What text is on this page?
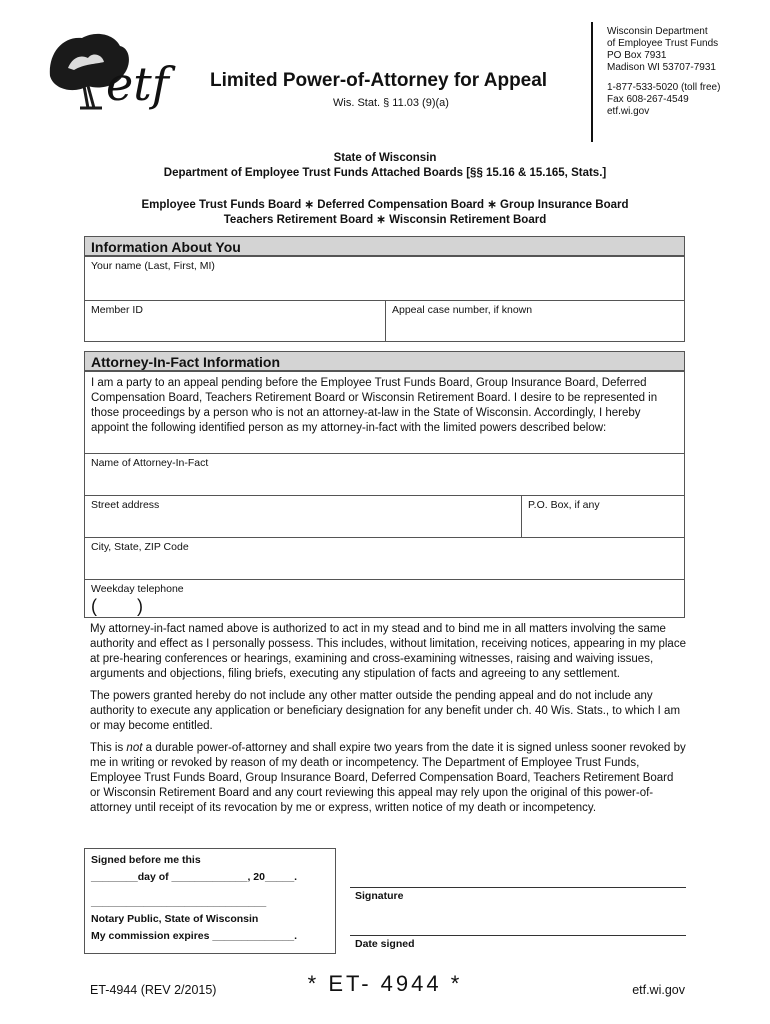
etf	Limited Power-of-Attorney for Appeal
Wis. Stat. § 11.03 (9)(a)
Wisconsin Department
of Employee Trust Funds
PO Box 7931
Madison WI 53707-7931
1-877-533-5020 (toll free)
Fax 608-267-4549
etf.wi.gov
State of Wisconsin
Department of Employee Trust Funds Attached Boards [§§ 15.16 & 15.165, Stats.]
Employee Trust Funds Board ∗ Deferred Compensation Board ∗ Group Insurance Board
Teachers Retirement Board ∗ Wisconsin Retirement Board
Information About You
Your name (Last, First, MI)
Member ID	Appeal case number, if known
Attorney-In-Fact Information
I am a party to an appeal pending before the Employee Trust Funds Board, Group Insurance Board, Deferred Compensation Board, Teachers Retirement Board or Wisconsin Retirement Board. I desire to be represented in those proceedings by a person who is not an attorney-at-law in the State of Wisconsin. Accordingly, I hereby appoint the following identified person as my attorney-in-fact with the limited powers described below:
Name of Attorney-In-Fact
Street address	P.O. Box, if any
City, State, ZIP Code
Weekday telephone
(        )

My attorney-in-fact named above is authorized to act in my stead and to bind me in all matters involving the same authority and effect as I personally possess. This includes, without limitation, receiving notices, appearing in my place at pre-hearing conferences or hearings, examining and cross-examining witnesses, raising and waiving issues, arguments and objections, filing briefs, executing any stipulation of facts and agreeing to any settlement.

The powers granted hereby do not include any other matter outside the pending appeal and do not include any authority to execute any application or beneficiary designation for any benefit under ch. 40 Wis. Stats., to which I am or may become entitled.

This is not a durable power-of-attorney and shall expire two years from the date it is signed unless sooner revoked by me in writing or revoked by reason of my death or incompetency. The Department of Employee Trust Funds, Employee Trust Funds Board, Group Insurance Board, Deferred Compensation Board, Teachers Retirement Board or Wisconsin Retirement Board and any court reviewing this appeal may rely upon the original of this power-of-attorney until receipt of its revocation by me or express, written notice of my death or incompetency.

Signed before me this
________day of _____________, 20_____.
______________________________
Notary Public, State of Wisconsin
My commission expires ______________.
Signature
Date signed
ET-4944 (REV 2/2015)	* ET- 4944 *	etf.wi.gov
